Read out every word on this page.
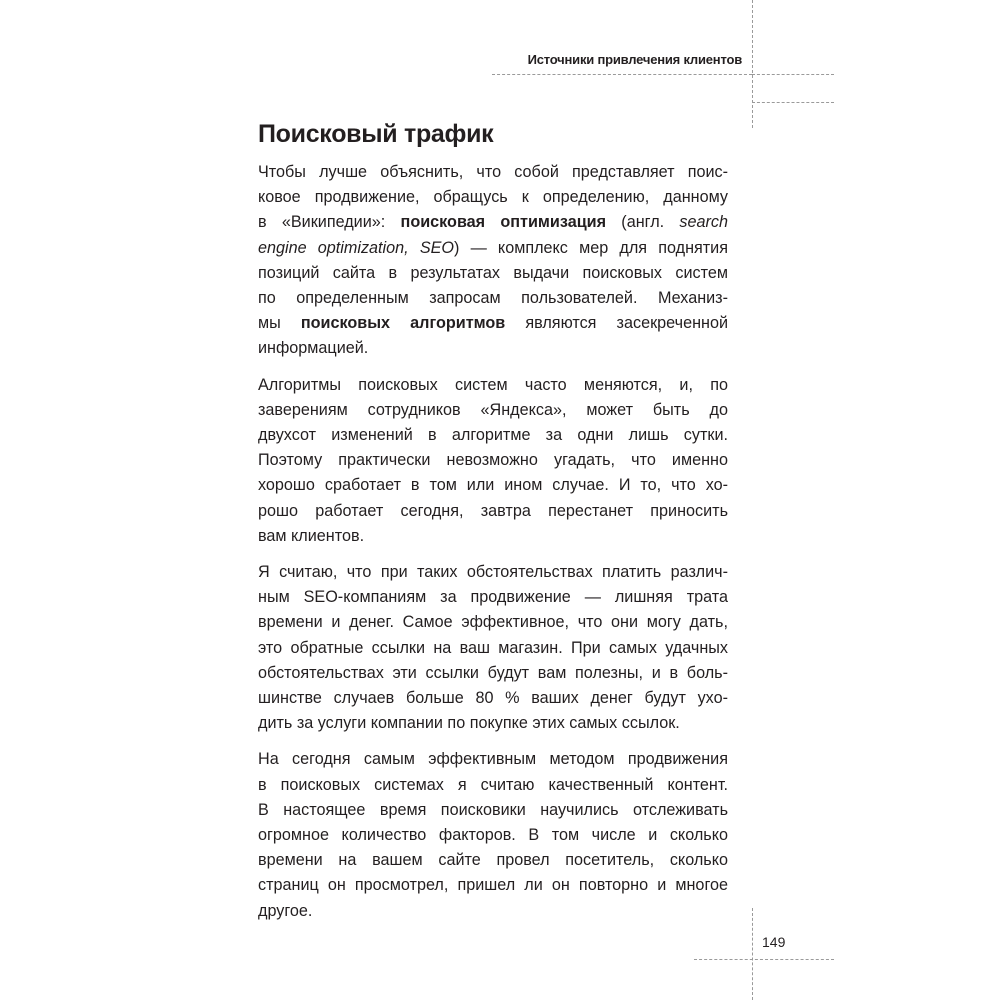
Источники привлечения клиентов
Поисковый трафик

Чтобы лучше объяснить, что собой представляет поис-
ковое продвижение, обращусь к определению, данному
в «Википедии»: поисковая оптимизация (англ. search
engine optimization, SEO) — комплекс мер для поднятия
позиций сайта в результатах выдачи поисковых систем
по определенным запросам пользователей. Механиз-
мы поисковых алгоритмов являются засекреченной
информацией.

Алгоритмы поисковых систем часто меняются, и, по
заверениям сотрудников «Яндекса», может быть до
двухсот изменений в алгоритме за одни лишь сутки.
Поэтому практически невозможно угадать, что именно
хорошо сработает в том или ином случае. И то, что хо-
рошо работает сегодня, завтра перестанет приносить
вам клиентов.

Я считаю, что при таких обстоятельствах платить различ-
ным SEO-компаниям за продвижение — лишняя трата
времени и денег. Самое эффективное, что они могу дать,
это обратные ссылки на ваш магазин. При самых удачных
обстоятельствах эти ссылки будут вам полезны, и в боль-
шинстве случаев больше 80 % ваших денег будут ухо-
дить за услуги компании по покупке этих самых ссылок.

На сегодня самым эффективным методом продвижения
в поисковых системах я считаю качественный контент.
В настоящее время поисковики научились отслеживать
огромное количество факторов. В том числе и сколько
времени на вашем сайте провел посетитель, сколько
страниц он просмотрел, пришел ли он повторно и многое
другое.

149
